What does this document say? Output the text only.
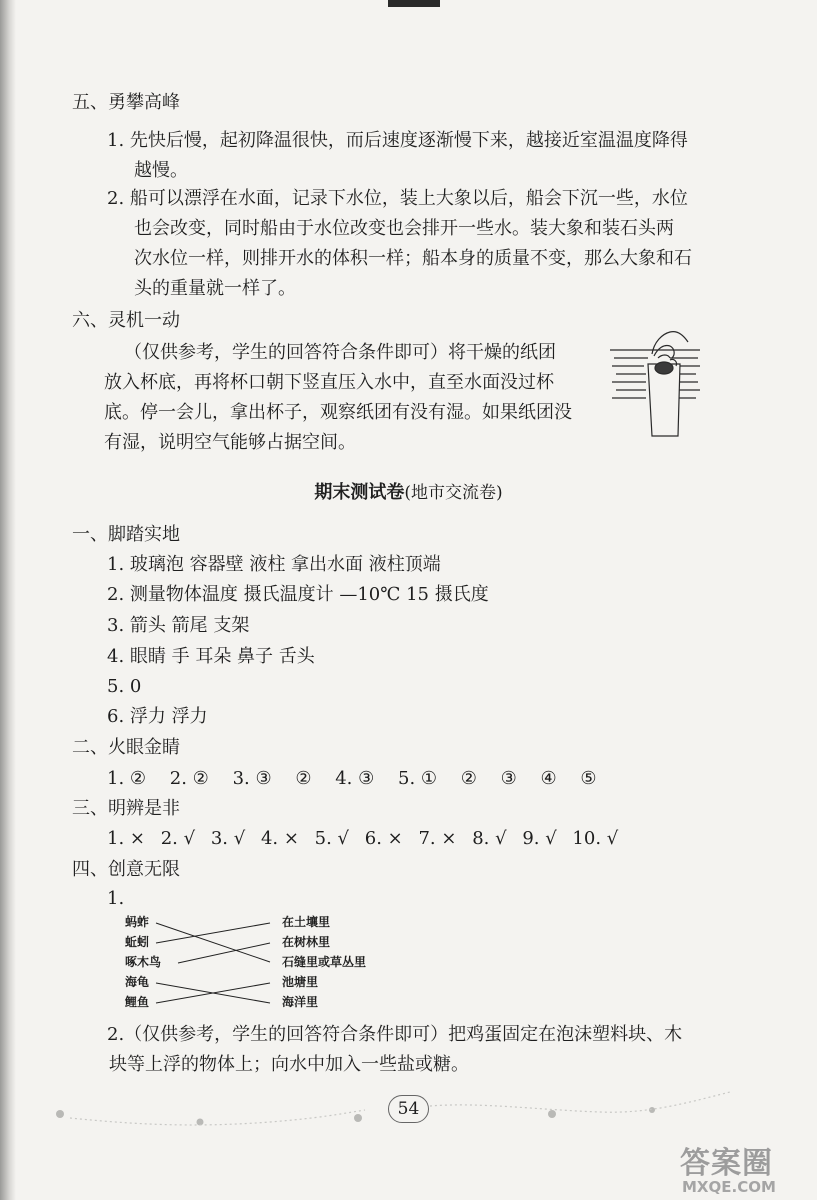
五、勇攀高峰
1. 先快后慢，起初降温很快，而后速度逐渐慢下来，越接近室温温度降得
越慢。
2. 船可以漂浮在水面，记录下水位，装上大象以后，船会下沉一些，水位
也会改变，同时船由于水位改变也会排开一些水。装大象和装石头两
次水位一样，则排开水的体积一样；船本身的质量不变，那么大象和石
头的重量就一样了。
六、灵机一动
（仅供参考，学生的回答符合条件即可）将干燥的纸团
放入杯底，再将杯口朝下竖直压入水中，直至水面没过杯
底。停一会儿，拿出杯子，观察纸团有没有湿。如果纸团没
有湿，说明空气能够占据空间。
期末测试卷(地市交流卷)
一、脚踏实地
1. 玻璃泡 容器壁 液柱 拿出水面 液柱顶端
2. 测量物体温度 摄氏温度计 —10℃ 15 摄氏度
3. 箭头 箭尾 支架
4. 眼睛 手 耳朵 鼻子 舌头
5. 0
6. 浮力 浮力
二、火眼金睛
1. ② 2. ② 3. ③ ② 4. ③ 5. ① ② ③ ④ ⑤
三、明辨是非
1. × 2. √ 3. √ 4. × 5. √ 6. × 7. × 8. √ 9. √ 10. √
四、创意无限
1.
蚂蚱
蚯蚓
啄木鸟
海龟
鲤鱼
在土壤里
在树林里
石缝里或草丛里
池塘里
海洋里
2.（仅供参考，学生的回答符合条件即可）把鸡蛋固定在泡沫塑料块、木
块等上浮的物体上；向水中加入一些盐或糖。
54
答案圈
MXQE.COM
